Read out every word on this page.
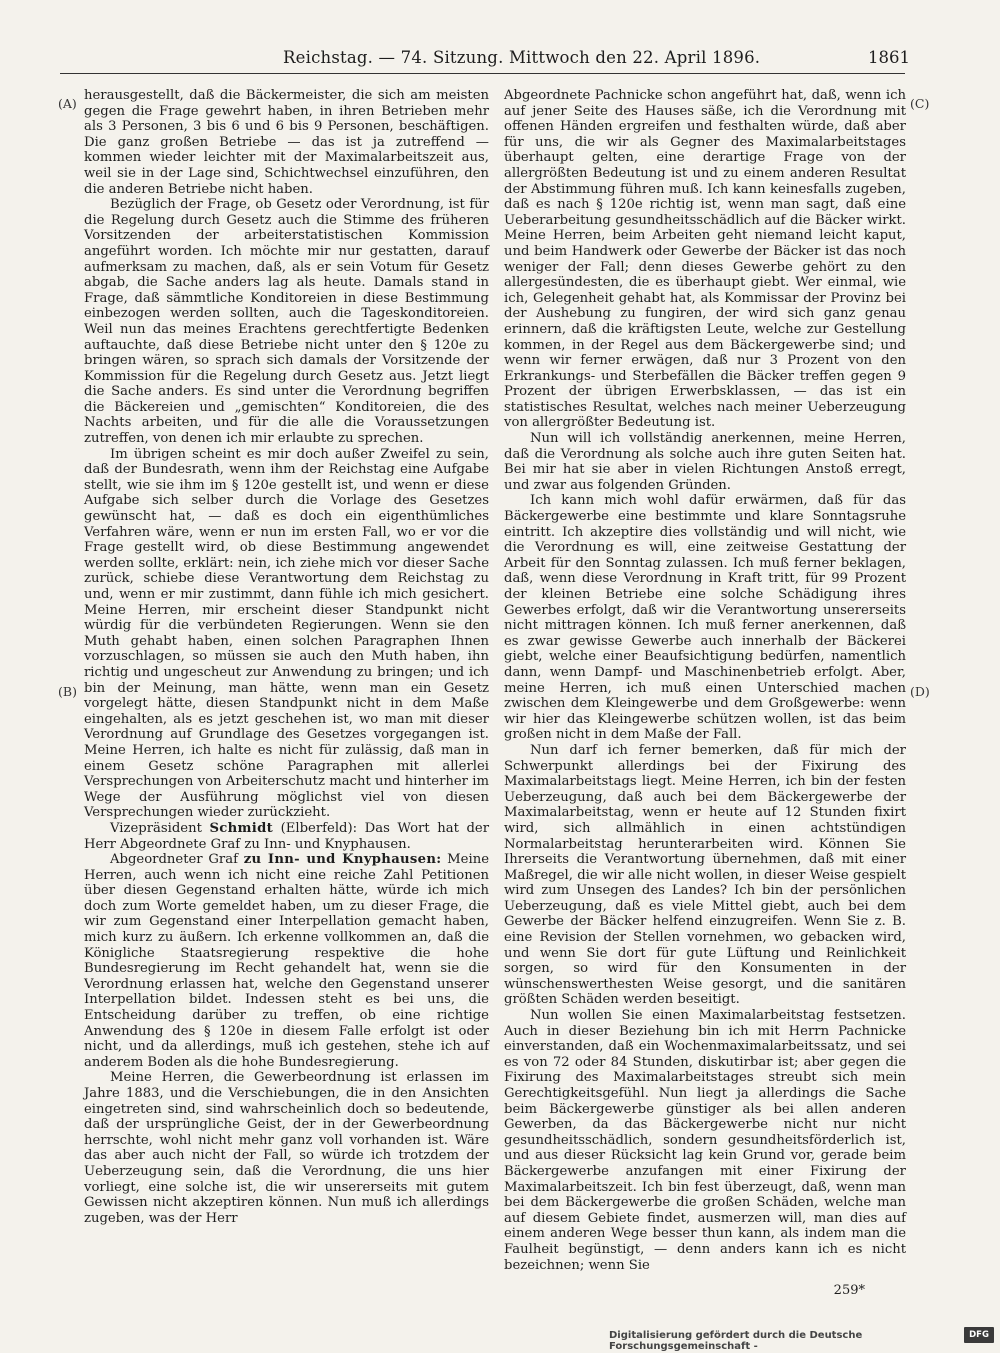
Reichstag. — 74. Sitzung. Mittwoch den 22. April 1896.	1861
(A)
(B)
(C)
(D)

herausgestellt, daß die Bäckermeister, die sich am meisten gegen die Frage gewehrt haben, in ihren Betrieben mehr als 3 Personen, 3 bis 6 und 6 bis 9 Personen, beschäftigen. Die ganz großen Betriebe — das ist ja zutreffend — kommen wieder leichter mit der Maximalarbeitszeit aus, weil sie in der Lage sind, Schichtwechsel einzuführen, den die anderen Betriebe nicht haben.

Bezüglich der Frage, ob Gesetz oder Verordnung, ist für die Regelung durch Gesetz auch die Stimme des früheren Vorsitzenden der arbeiterstatistischen Kommission angeführt worden. Ich möchte mir nur gestatten, darauf aufmerksam zu machen, daß, als er sein Votum für Gesetz abgab, die Sache anders lag als heute. Damals stand in Frage, daß sämmtliche Konditoreien in diese Bestimmung einbezogen werden sollten, auch die Tageskonditoreien. Weil nun das meines Erachtens gerechtfertigte Bedenken auftauchte, daß diese Betriebe nicht unter den § 120e zu bringen wären, so sprach sich damals der Vorsitzende der Kommission für die Regelung durch Gesetz aus. Jetzt liegt die Sache anders. Es sind unter die Verordnung begriffen die Bäckereien und „gemischten“ Konditoreien, die des Nachts arbeiten, und für die alle die Voraussetzungen zutreffen, von denen ich mir erlaubte zu sprechen.

Im übrigen scheint es mir doch außer Zweifel zu sein, daß der Bundesrath, wenn ihm der Reichstag eine Aufgabe stellt, wie sie ihm im § 120e gestellt ist, und wenn er diese Aufgabe sich selber durch die Vorlage des Gesetzes gewünscht hat, — daß es doch ein eigenthümliches Verfahren wäre, wenn er nun im ersten Fall, wo er vor die Frage gestellt wird, ob diese Bestimmung angewendet werden sollte, erklärt: nein, ich ziehe mich vor dieser Sache zurück, schiebe diese Verantwortung dem Reichstag zu und, wenn er mir zustimmt, dann fühle ich mich gesichert. Meine Herren, mir erscheint dieser Standpunkt nicht würdig für die verbündeten Regierungen. Wenn sie den Muth gehabt haben, einen solchen Paragraphen Ihnen vorzuschlagen, so müssen sie auch den Muth haben, ihn richtig und ungescheut zur Anwendung zu bringen; und ich bin der Meinung, man hätte, wenn man ein Gesetz vorgelegt hätte, diesen Standpunkt nicht in dem Maße eingehalten, als es jetzt geschehen ist, wo man mit dieser Verordnung auf Grundlage des Gesetzes vorgegangen ist. Meine Herren, ich halte es nicht für zulässig, daß man in einem Gesetz schöne Paragraphen mit allerlei Versprechungen von Arbeiterschutz macht und hinterher im Wege der Ausführung möglichst viel von diesen Versprechungen wieder zurückzieht.

Vizepräsident Schmidt (Elberfeld): Das Wort hat der Herr Abgeordnete Graf zu Inn- und Knyphausen.

Abgeordneter Graf zu Inn- und Knyphausen: Meine Herren, auch wenn ich nicht eine reiche Zahl Petitionen über diesen Gegenstand erhalten hätte, würde ich mich doch zum Worte gemeldet haben, um zu dieser Frage, die wir zum Gegenstand einer Interpellation gemacht haben, mich kurz zu äußern. Ich erkenne vollkommen an, daß die Königliche Staatsregierung respektive die hohe Bundesregierung im Recht gehandelt hat, wenn sie die Verordnung erlassen hat, welche den Gegenstand unserer Interpellation bildet. Indessen steht es bei uns, die Entscheidung darüber zu treffen, ob eine richtige Anwendung des § 120e in diesem Falle erfolgt ist oder nicht, und da allerdings, muß ich gestehen, stehe ich auf anderem Boden als die hohe Bundesregierung.

Meine Herren, die Gewerbeordnung ist erlassen im Jahre 1883, und die Verschiebungen, die in den Ansichten eingetreten sind, sind wahrscheinlich doch so bedeutende, daß der ursprüngliche Geist, der in der Gewerbeordnung herrschte, wohl nicht mehr ganz voll vorhanden ist. Wäre das aber auch nicht der Fall, so würde ich trotzdem der Ueberzeugung sein, daß die Verordnung, die uns hier vorliegt, eine solche ist, die wir unsererseits mit gutem Gewissen nicht akzeptiren können. Nun muß ich allerdings zugeben, was der Herr

Abgeordnete Pachnicke schon angeführt hat, daß, wenn ich auf jener Seite des Hauses säße, ich die Verordnung mit offenen Händen ergreifen und festhalten würde, daß aber für uns, die wir als Gegner des Maximalarbeitstages überhaupt gelten, eine derartige Frage von der allergrößten Bedeutung ist und zu einem anderen Resultat der Abstimmung führen muß. Ich kann keinesfalls zugeben, daß es nach § 120e richtig ist, wenn man sagt, daß eine Ueberarbeitung gesundheitsschädlich auf die Bäcker wirkt. Meine Herren, beim Arbeiten geht niemand leicht kaput, und beim Handwerk oder Gewerbe der Bäcker ist das noch weniger der Fall; denn dieses Gewerbe gehört zu den allergesündesten, die es überhaupt giebt. Wer einmal, wie ich, Gelegenheit gehabt hat, als Kommissar der Provinz bei der Aushebung zu fungiren, der wird sich ganz genau erinnern, daß die kräftigsten Leute, welche zur Gestellung kommen, in der Regel aus dem Bäckergewerbe sind; und wenn wir ferner erwägen, daß nur 3 Prozent von den Erkrankungs- und Sterbefällen die Bäcker treffen gegen 9 Prozent der übrigen Erwerbsklassen, — das ist ein statistisches Resultat, welches nach meiner Ueberzeugung von allergrößter Bedeutung ist.

Nun will ich vollständig anerkennen, meine Herren, daß die Verordnung als solche auch ihre guten Seiten hat. Bei mir hat sie aber in vielen Richtungen Anstoß erregt, und zwar aus folgenden Gründen.

Ich kann mich wohl dafür erwärmen, daß für das Bäckergewerbe eine bestimmte und klare Sonntagsruhe eintritt. Ich akzeptire dies vollständig und will nicht, wie die Verordnung es will, eine zeitweise Gestattung der Arbeit für den Sonntag zulassen. Ich muß ferner beklagen, daß, wenn diese Verordnung in Kraft tritt, für 99 Prozent der kleinen Betriebe eine solche Schädigung ihres Gewerbes erfolgt, daß wir die Verantwortung unsererseits nicht mittragen können. Ich muß ferner anerkennen, daß es zwar gewisse Gewerbe auch innerhalb der Bäckerei giebt, welche einer Beaufsichtigung bedürfen, namentlich dann, wenn Dampf- und Maschinenbetrieb erfolgt. Aber, meine Herren, ich muß einen Unterschied machen zwischen dem Kleingewerbe und dem Großgewerbe: wenn wir hier das Kleingewerbe schützen wollen, ist das beim großen nicht in dem Maße der Fall.

Nun darf ich ferner bemerken, daß für mich der Schwerpunkt allerdings bei der Fixirung des Maximalarbeitstags liegt. Meine Herren, ich bin der festen Ueberzeugung, daß auch bei dem Bäckergewerbe der Maximalarbeitstag, wenn er heute auf 12 Stunden fixirt wird, sich allmählich in einen achtstündigen Normalarbeitstag herunterarbeiten wird. Können Sie Ihrerseits die Verantwortung übernehmen, daß mit einer Maßregel, die wir alle nicht wollen, in dieser Weise gespielt wird zum Unsegen des Landes? Ich bin der persönlichen Ueberzeugung, daß es viele Mittel giebt, auch bei dem Gewerbe der Bäcker helfend einzugreifen. Wenn Sie z. B. eine Revision der Stellen vornehmen, wo gebacken wird, und wenn Sie dort für gute Lüftung und Reinlichkeit sorgen, so wird für den Konsumenten in der wünschenswerthesten Weise gesorgt, und die sanitären größten Schäden werden beseitigt.

Nun wollen Sie einen Maximalarbeitstag festsetzen. Auch in dieser Beziehung bin ich mit Herrn Pachnicke einverstanden, daß ein Wochenmaximalarbeitssatz, und sei es von 72 oder 84 Stunden, diskutirbar ist; aber gegen die Fixirung des Maximalarbeitstages streubt sich mein Gerechtigkeitsgefühl. Nun liegt ja allerdings die Sache beim Bäckergewerbe günstiger als bei allen anderen Gewerben, da das Bäckergewerbe nicht nur nicht gesundheitsschädlich, sondern gesundheitsförderlich ist, und aus dieser Rücksicht lag kein Grund vor, gerade beim Bäckergewerbe anzufangen mit einer Fixirung der Maximalarbeitszeit. Ich bin fest überzeugt, daß, wenn man bei dem Bäckergewerbe die großen Schäden, welche man auf diesem Gebiete findet, ausmerzen will, man dies auf einem anderen Wege besser thun kann, als indem man die Faulheit begünstigt, — denn anders kann ich es nicht bezeichnen; wenn Sie

259*
Digitalisierung gefördert durch die Deutsche Forschungsgemeinschaft -
DFG
